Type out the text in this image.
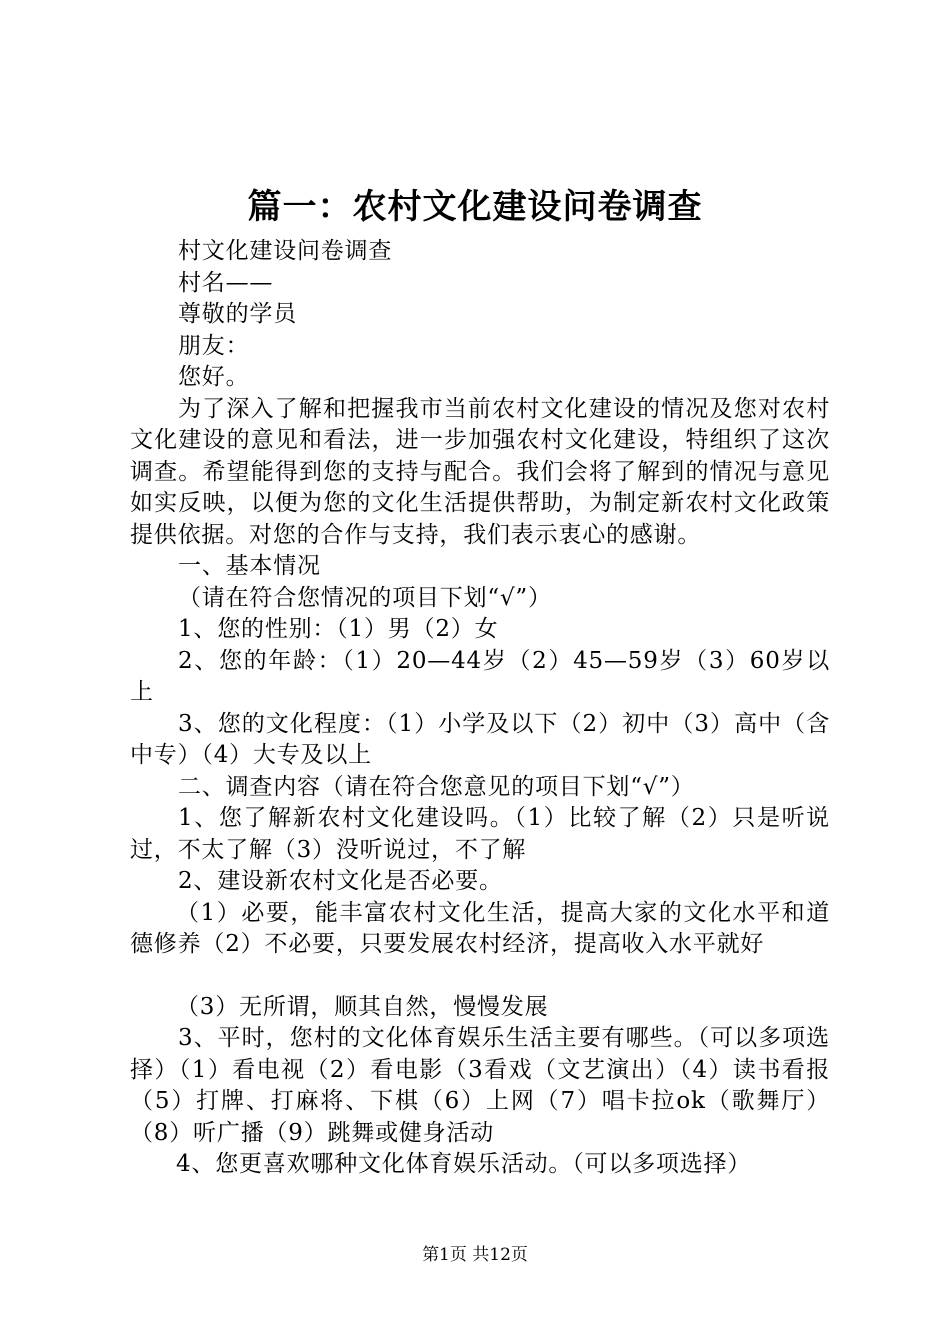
篇一：农村文化建设问卷调查

村文化建设问卷调查

村名——

尊敬的学员

朋友：

您好。

为了深入了解和把握我市当前农村文化建设的情况及您对农村文化建设的意见和看法，进一步加强农村文化建设，特组织了这次调查。希望能得到您的支持与配合。我们会将了解到的情况与意见如实反映，以便为您的文化生活提供帮助，为制定新农村文化政策提供依据。对您的合作与支持，我们表示衷心的感谢。

一、基本情况

（请在符合您情况的项目下划“√”）

1、您的性别：（1）男（2）女

2、您的年龄：（1）20—44岁（2）45—59岁（3）60岁以上

3、您的文化程度：（1）小学及以下（2）初中（3）高中（含中专）（4）大专及以上

二、调查内容（请在符合您意见的项目下划“√”）

1、您了解新农村文化建设吗。（1）比较了解（2）只是听说过，不太了解（3）没听说过，不了解

2、建设新农村文化是否必要。

（1）必要，能丰富农村文化生活，提高大家的文化水平和道德修养（2）不必要，只要发展农村经济，提高收入水平就好

（3）无所谓，顺其自然，慢慢发展

3、平时，您村的文化体育娱乐生活主要有哪些。（可以多项选择）（1）看电视（2）看电影（3看戏（文艺演出）（4）读书看报（5）打牌、打麻将、下棋（6）上网（7）唱卡拉ok（歌舞厅）（8）听广播（9）跳舞或健身活动

4、您更喜欢哪种文化体育娱乐活动。（可以多项选择）

第1页 共12页
